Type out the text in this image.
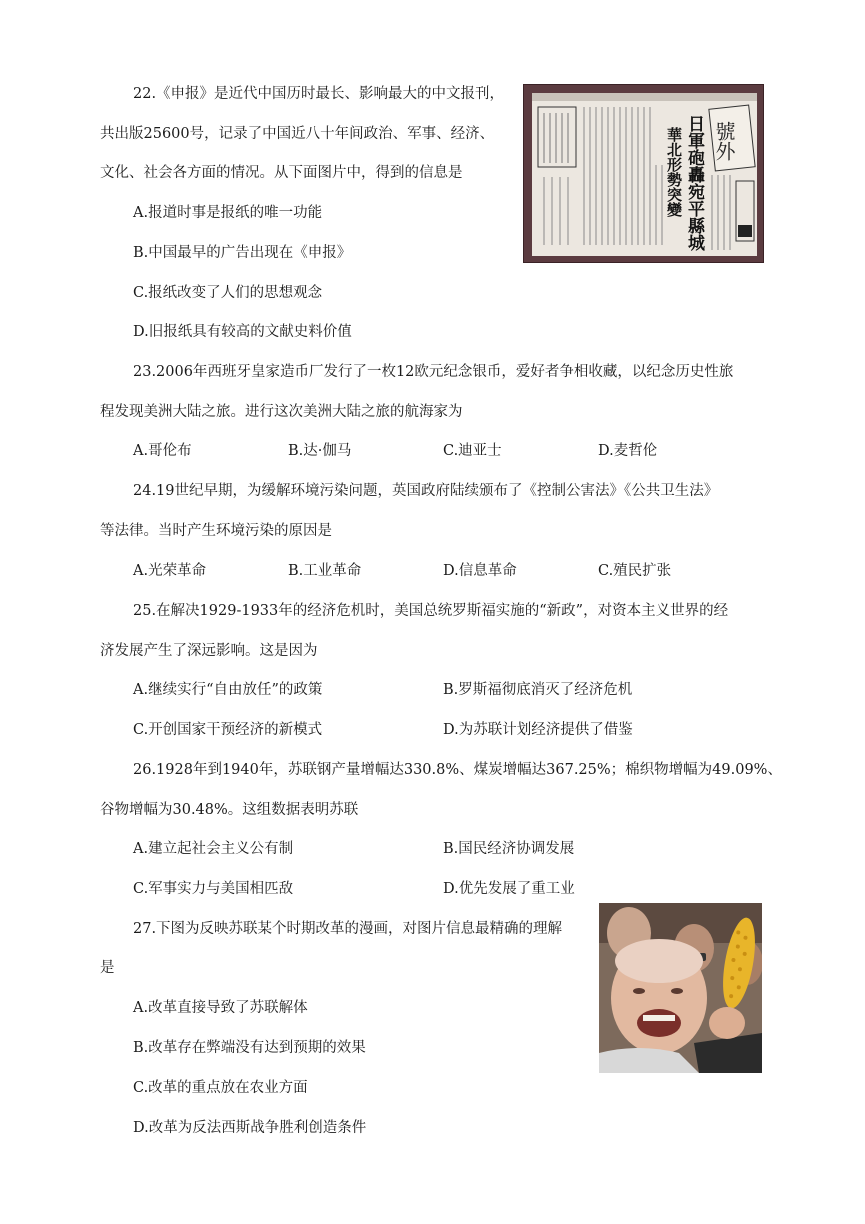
22.《申报》是近代中国历时最长、影响最大的中文报刊，
共出版25600号，记录了中国近八十年间政治、军事、经济、
文化、社会各方面的情况。从下面图片中，得到的信息是
A.报道时事是报纸的唯一功能
B.中国最早的广告出现在《申报》
C.报纸改变了人们的思想观念
D.旧报纸具有较高的文献史料价值
華北形勢突變 日軍砲轟宛平縣城 號外
23.2006年西班牙皇家造币厂发行了一枚12欧元纪念银币，爱好者争相收藏，以纪念历史性旅
程发现美洲大陆之旅。进行这次美洲大陆之旅的航海家为
A.哥伦布	B.达·伽马	C.迪亚士	D.麦哲伦
24.19世纪早期，为缓解环境污染问题，英国政府陆续颁布了《控制公害法》《公共卫生法》
等法律。当时产生环境污染的原因是
A.光荣革命	B.工业革命	D.信息革命	C.殖民扩张
25.在解决1929-1933年的经济危机时，美国总统罗斯福实施的“新政”，对资本主义世界的经
济发展产生了深远影响。这是因为
A.继续实行“自由放任”的政策	B.罗斯福彻底消灭了经济危机
C.开创国家干预经济的新模式	D.为苏联计划经济提供了借鉴
26.1928年到1940年，苏联钢产量增幅达330.8%、煤炭增幅达367.25%；棉织物增幅为49.09%、
谷物增幅为30.48%。这组数据表明苏联
A.建立起社会主义公有制	B.国民经济协调发展
C.军事实力与美国相匹敌	D.优先发展了重工业
27.下图为反映苏联某个时期改革的漫画，对图片信息最精确的理解
是
A.改革直接导致了苏联解体
B.改革存在弊端没有达到预期的效果
C.改革的重点放在农业方面
D.改革为反法西斯战争胜利创造条件
